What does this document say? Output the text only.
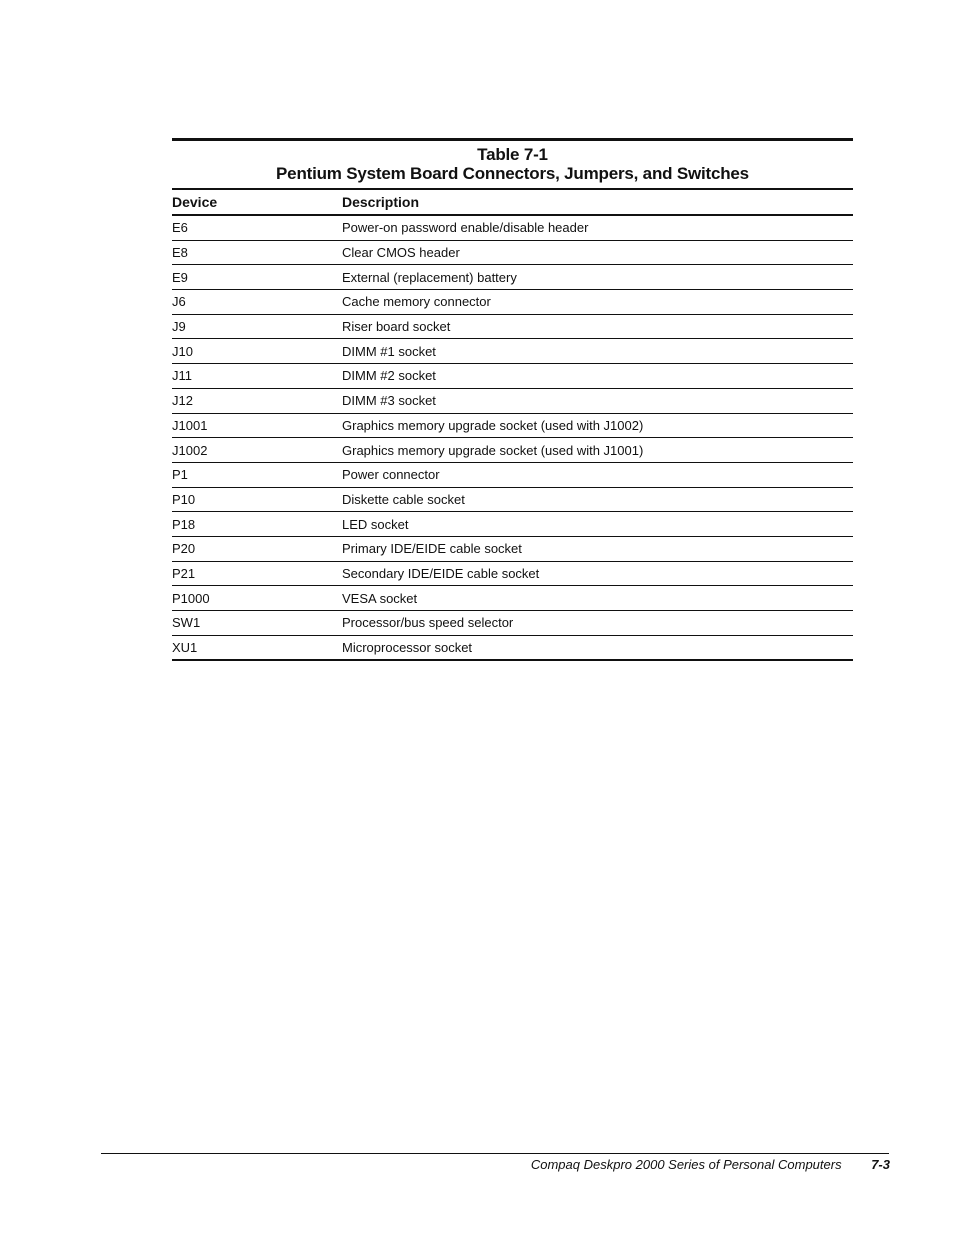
Table 7-1
Pentium System Board Connectors, Jumpers, and Switches
Device	Description
E6	Power-on password enable/disable header
E8	Clear CMOS header
E9	External (replacement) battery
J6	Cache memory connector
J9	Riser board socket
J10	DIMM #1 socket
J11	DIMM #2 socket
J12	DIMM #3 socket
J1001	Graphics memory upgrade socket (used with J1002)
J1002	Graphics memory upgrade socket (used with J1001)
P1	Power connector
P10	Diskette cable socket
P18	LED socket
P20	Primary IDE/EIDE cable socket
P21	Secondary IDE/EIDE cable socket
P1000	VESA socket
SW1	Processor/bus speed selector
XU1	Microprocessor socket
Compaq Deskpro 2000 Series of Personal Computers 7-3
